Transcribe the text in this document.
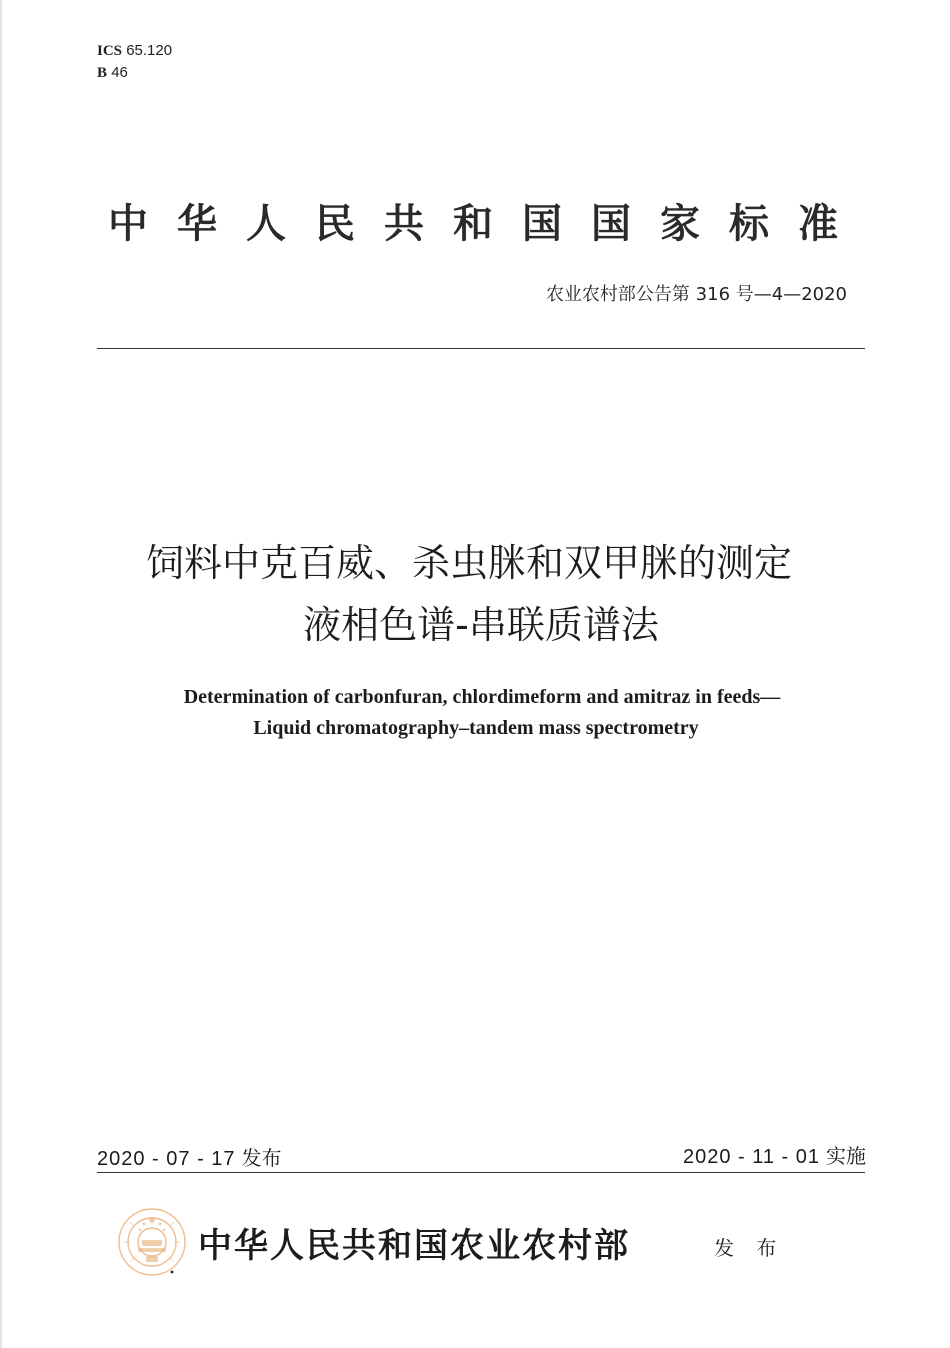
ICS 65.120
B 46
中华人民共和国国家标准
农业农村部公告第 316 号—4—2020
饲料中克百威、杀虫脒和双甲脒的测定
液相色谱-串联质谱法
Determination of carbonfuran, chlordimeform and amitraz in feeds—
Liquid chromatography–tandem mass spectrometry
2020 - 07 - 17 发布	2020 - 11 - 01 实施
中华人民共和国农业农村部	发 布
